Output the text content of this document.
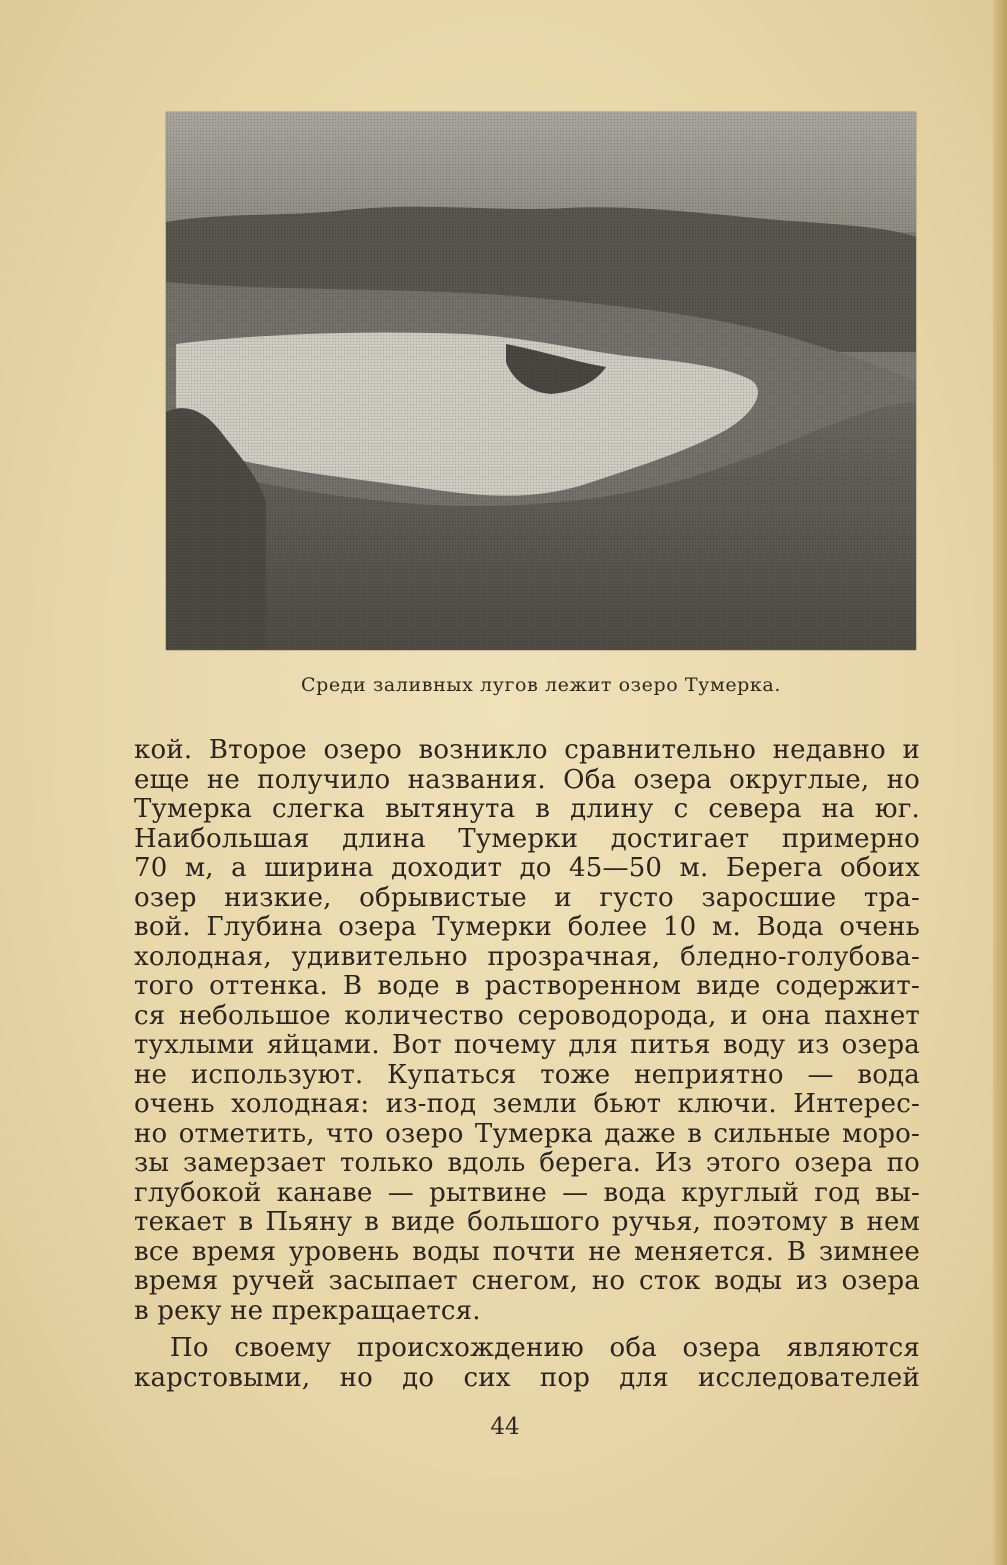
Среди заливных лугов лежит озеро Тумерка.
кой. Второе озеро возникло сравнительно недавно и
еще не получило названия. Оба озера округлые, но
Тумерка слегка вытянута в длину с севера на юг.
Наибольшая длина Тумерки достигает примерно
70 м, а ширина доходит до 45—50 м. Берега обоих
озер низкие, обрывистые и густо заросшие тра-
вой. Глубина озера Тумерки более 10 м. Вода очень
холодная, удивительно прозрачная, бледно-голубова-
того оттенка. В воде в растворенном виде содержит-
ся небольшое количество сероводорода, и она пахнет
тухлыми яйцами. Вот почему для питья воду из озера
не используют. Купаться тоже неприятно — вода
очень холодная: из-под земли бьют ключи. Интерес-
но отметить, что озеро Тумерка даже в сильные моро-
зы замерзает только вдоль берега. Из этого озера по
глубокой канаве — рытвине — вода круглый год вы-
текает в Пьяну в виде большого ручья, поэтому в нем
все время уровень воды почти не меняется. В зимнее
время ручей засыпает снегом, но сток воды из озера
в реку не прекращается.
По своему происхождению оба озера являются
карстовыми, но до сих пор для исследователей
44
